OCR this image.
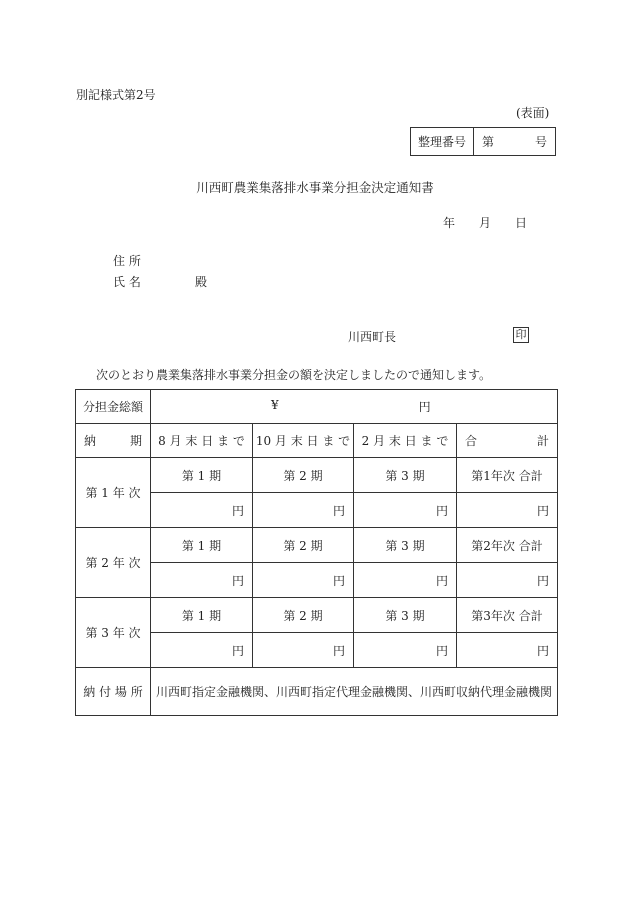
別記様式第2号
(表面)
整理番号	第	号
川西町農業集落排水事業分担金決定通知書
年 月 日
住 所
氏 名	殿
川西町長	印
次のとおり農業集落排水事業分担金の額を決定しましたので通知します。
分担金総額	¥ 円			

納 期	8 月 末 日 ま で	10 月 末 日 ま で	2 月 末 日 ま で	合 計

第 1 年 次	第 1 期	第 2 期	第 3 期	第1年次 合計
	円	円	円	円
第 2 年 次	第 1 期	第 2 期	第 3 期	第2年次 合計
	円	円	円	円
第 3 年 次	第 1 期	第 2 期	第 3 期	第3年次 合計
	円	円	円	円
納 付 場 所	川西町指定金融機関、川西町指定代理金融機関、川西町収納代理金融機関			
